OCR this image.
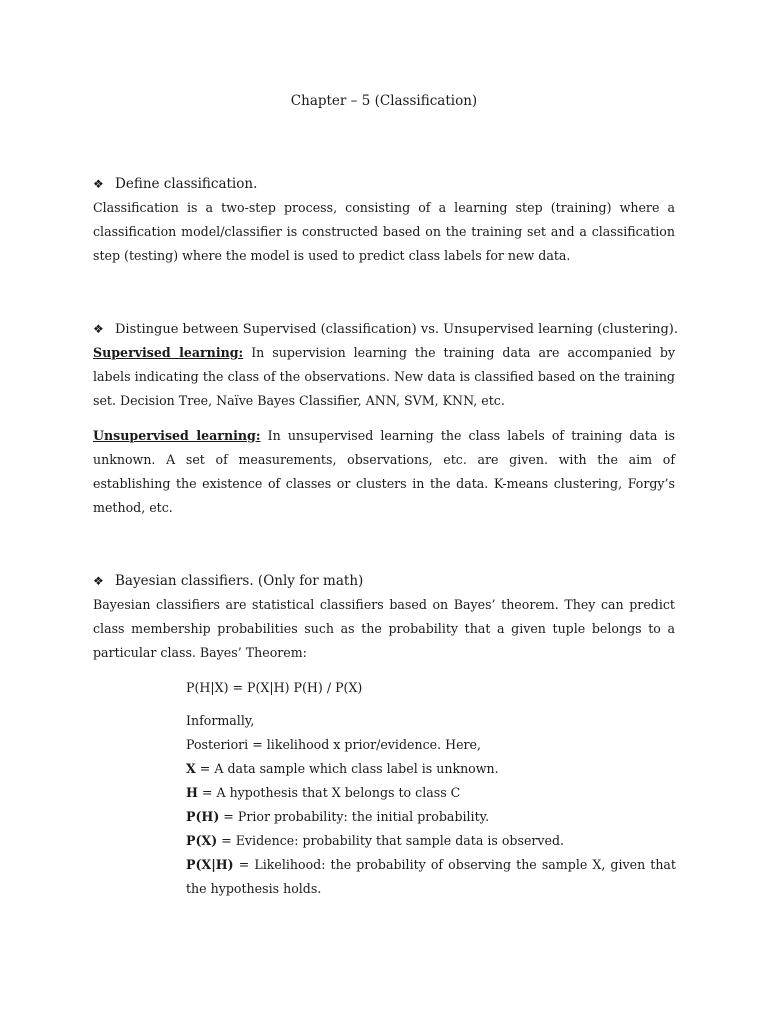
Chapter – 5 (Classification)
❖ Define classification.

Classification is a two-step process, consisting of a learning step (training) where a classification model/classifier is constructed based on the training set and a classification step (testing) where the model is used to predict class labels for new data.

❖ Distingue between Supervised (classification) vs. Unsupervised learning (clustering).

Supervised learning: In supervision learning the training data are accompanied by labels indicating the class of the observations. New data is classified based on the training set. Decision Tree, Naïve Bayes Classifier, ANN, SVM, KNN, etc.

Unsupervised learning: In unsupervised learning the class labels of training data is unknown. A set of measurements, observations, etc. are given. with the aim of establishing the existence of classes or clusters in the data. K-means clustering, Forgy’s method, etc.

❖ Bayesian classifiers. (Only for math)

Bayesian classifiers are statistical classifiers based on Bayes’ theorem. They can predict class membership probabilities such as the probability that a given tuple belongs to a particular class. Bayes’ Theorem:

P(H|X) = P(X|H) P(H) / P(X)
Informally,
Posteriori = likelihood x prior/evidence. Here,
X = A data sample which class label is unknown.
H = A hypothesis that X belongs to class C
P(H) = Prior probability: the initial probability.
P(X) = Evidence: probability that sample data is observed.
P(X|H) = Likelihood: the probability of observing the sample X, given that the hypothesis holds.
